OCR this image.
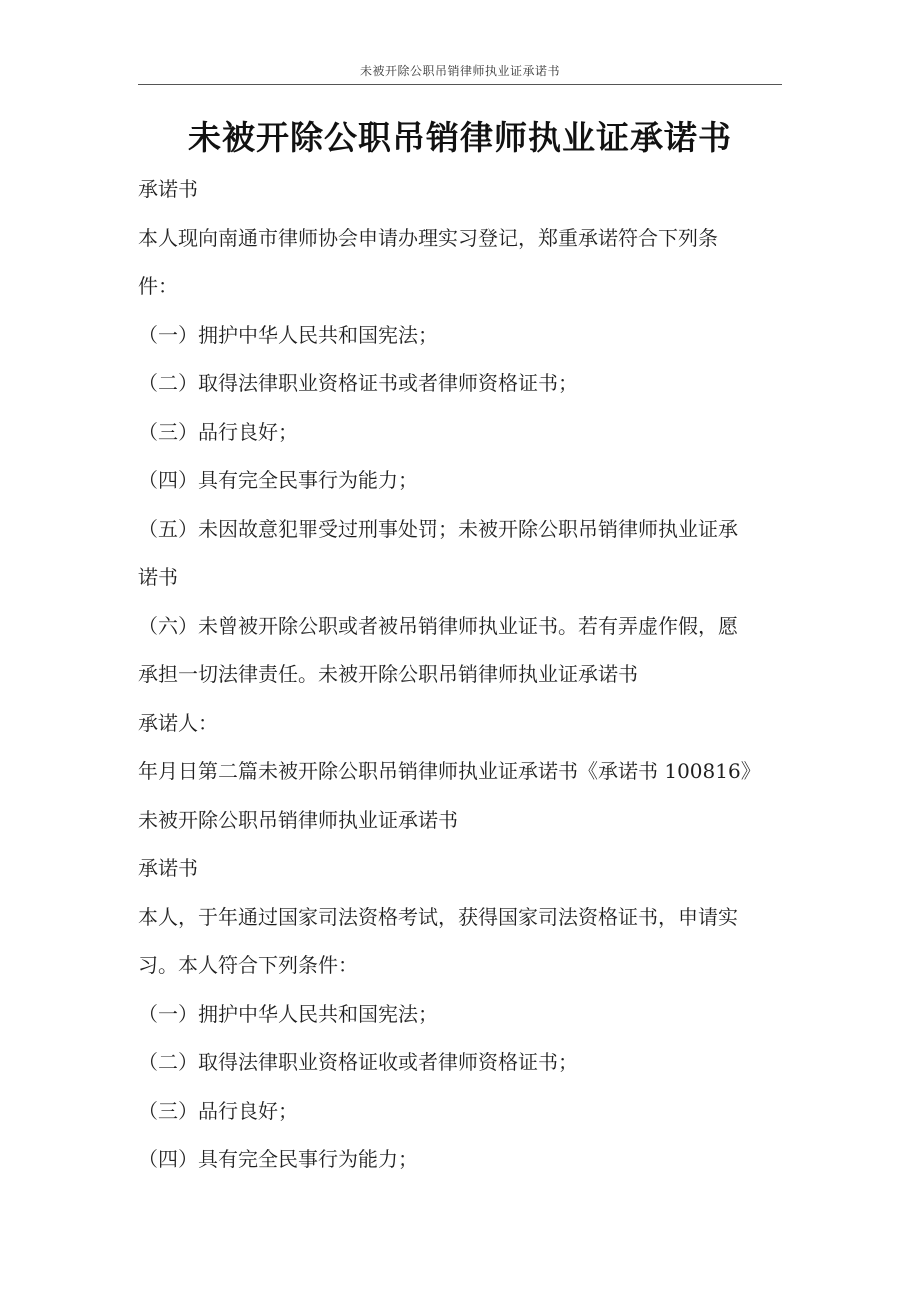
未被开除公职吊销律师执业证承诺书
未被开除公职吊销律师执业证承诺书
承诺书
本人现向南通市律师协会申请办理实习登记，郑重承诺符合下列条
件：
（一）拥护中华人民共和国宪法；
（二）取得法律职业资格证书或者律师资格证书；
（三）品行良好；
（四）具有完全民事行为能力；
（五）未因故意犯罪受过刑事处罚；未被开除公职吊销律师执业证承
诺书
（六）未曾被开除公职或者被吊销律师执业证书。若有弄虚作假，愿
承担一切法律责任。未被开除公职吊销律师执业证承诺书
承诺人：
年月日第二篇未被开除公职吊销律师执业证承诺书《承诺书 100816》
未被开除公职吊销律师执业证承诺书
承诺书
本人，于年通过国家司法资格考试，获得国家司法资格证书，申请实
习。本人符合下列条件：
（一）拥护中华人民共和国宪法；
（二）取得法律职业资格证收或者律师资格证书；
（三）品行良好；
（四）具有完全民事行为能力；
